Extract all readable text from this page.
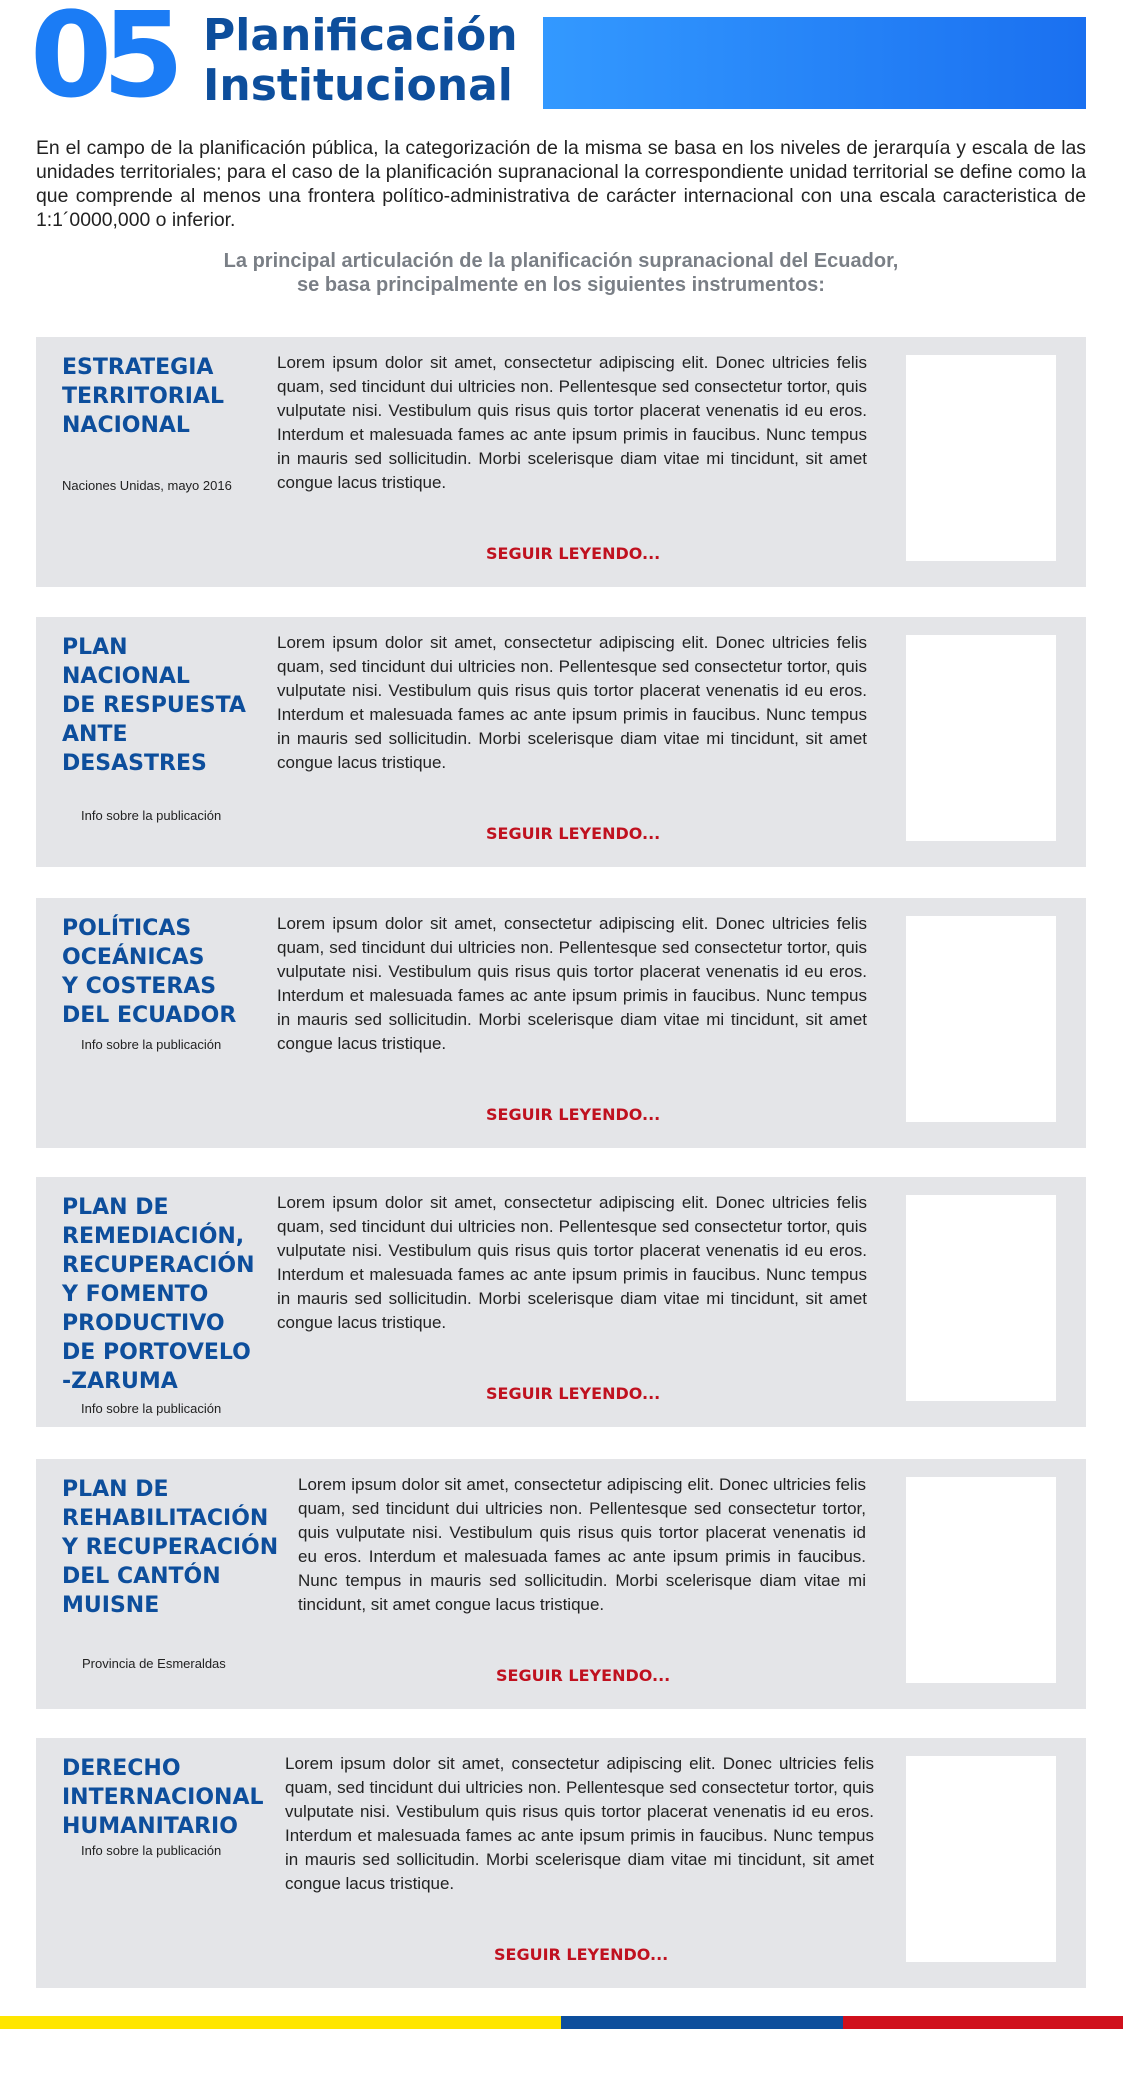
05 Planificación
Institucional

En el campo de la planificación pública, la categorización de la misma se basa en los niveles de jerarquía y escala de las unidades territoriales; para el caso de la planificación supranacional la correspondiente unidad territorial se define como la que comprende al menos una frontera político-administrativa de carácter internacional con una escala caracteristica de 1:1´0000,000 o inferior.

La principal articulación de la planificación supranacional del Ecuador,
se basa principalmente en los siguientes instrumentos:
ESTRATEGIA
TERRITORIAL
NACIONAL
Naciones Unidas, mayo 2016

Lorem ipsum dolor sit amet, consectetur adipiscing elit. Donec ultricies felis quam, sed tincidunt dui ultricies non. Pellentesque sed consectetur tortor, quis vulputate nisi. Vestibulum quis risus quis tortor placerat venenatis id eu eros. Interdum et malesuada fames ac ante ipsum primis in faucibus. Nunc tempus in mauris sed sollicitudin. Morbi scelerisque diam vitae mi tincidunt, sit amet congue lacus tristique.

SEGUIR LEYENDO...
PLAN
NACIONAL
DE RESPUESTA
ANTE
DESASTRES
Info sobre la publicación

Lorem ipsum dolor sit amet, consectetur adipiscing elit. Donec ultricies felis quam, sed tincidunt dui ultricies non. Pellentesque sed consectetur tortor, quis vulputate nisi. Vestibulum quis risus quis tortor placerat venenatis id eu eros. Interdum et malesuada fames ac ante ipsum primis in faucibus. Nunc tempus in mauris sed sollicitudin. Morbi scelerisque diam vitae mi tincidunt, sit amet congue lacus tristique.

SEGUIR LEYENDO...
POLÍTICAS
OCEÁNICAS
Y COSTERAS
DEL ECUADOR
Info sobre la publicación

Lorem ipsum dolor sit amet, consectetur adipiscing elit. Donec ultricies felis quam, sed tincidunt dui ultricies non. Pellentesque sed consectetur tortor, quis vulputate nisi. Vestibulum quis risus quis tortor placerat venenatis id eu eros. Interdum et malesuada fames ac ante ipsum primis in faucibus. Nunc tempus in mauris sed sollicitudin. Morbi scelerisque diam vitae mi tincidunt, sit amet congue lacus tristique.

SEGUIR LEYENDO...
PLAN DE
REMEDIACIÓN,
RECUPERACIÓN
Y FOMENTO
PRODUCTIVO
DE PORTOVELO
-ZARUMA
Info sobre la publicación

Lorem ipsum dolor sit amet, consectetur adipiscing elit. Donec ultricies felis quam, sed tincidunt dui ultricies non. Pellentesque sed consectetur tortor, quis vulputate nisi. Vestibulum quis risus quis tortor placerat venenatis id eu eros. Interdum et malesuada fames ac ante ipsum primis in faucibus. Nunc tempus in mauris sed sollicitudin. Morbi scelerisque diam vitae mi tincidunt, sit amet congue lacus tristique.

SEGUIR LEYENDO...
PLAN DE
REHABILITACIÓN
Y RECUPERACIÓN
DEL CANTÓN
MUISNE
Provincia de Esmeraldas

Lorem ipsum dolor sit amet, consectetur adipiscing elit. Donec ultricies felis quam, sed tincidunt dui ultricies non. Pellentesque sed consectetur tortor, quis vulputate nisi. Vestibulum quis risus quis tortor placerat venenatis id eu eros. Interdum et malesuada fames ac ante ipsum primis in faucibus. Nunc tempus in mauris sed sollicitudin. Morbi scelerisque diam vitae mi tincidunt, sit amet congue lacus tristique.

SEGUIR LEYENDO...
DERECHO
INTERNACIONAL
HUMANITARIO
Info sobre la publicación

Lorem ipsum dolor sit amet, consectetur adipiscing elit. Donec ultricies felis quam, sed tincidunt dui ultricies non. Pellentesque sed consectetur tortor, quis vulputate nisi. Vestibulum quis risus quis tortor placerat venenatis id eu eros. Interdum et malesuada fames ac ante ipsum primis in faucibus. Nunc tempus in mauris sed sollicitudin. Morbi scelerisque diam vitae mi tincidunt, sit amet congue lacus tristique.

SEGUIR LEYENDO...
